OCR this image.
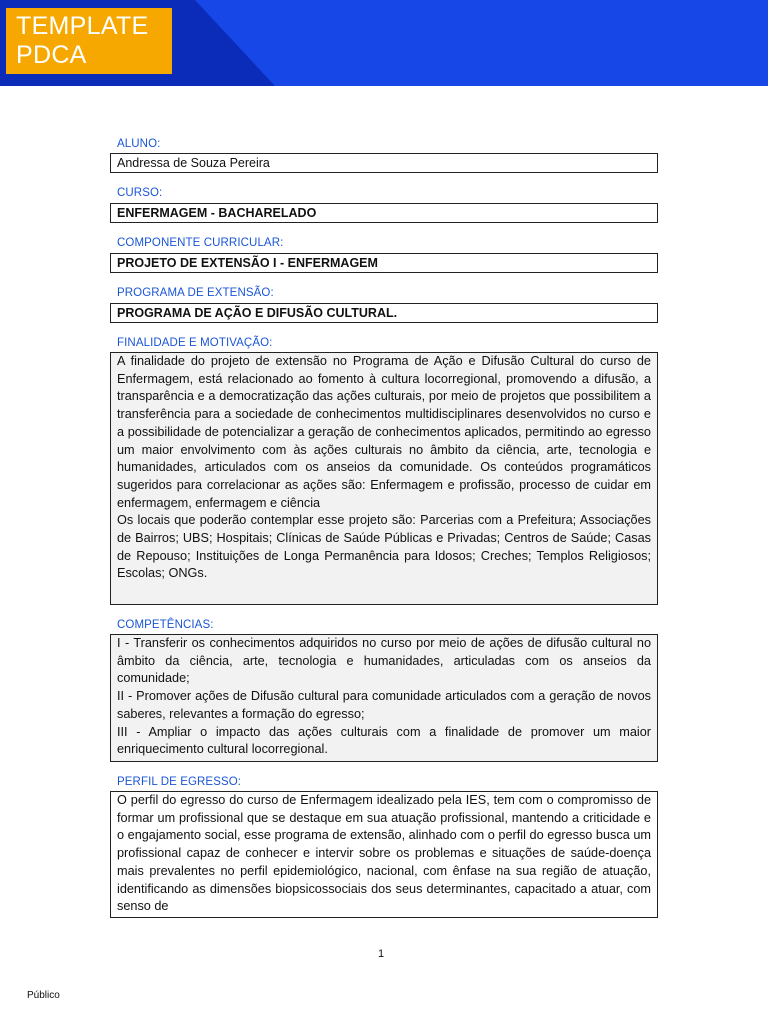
TEMPLATE
PDCA
ALUNO:
Andressa de Souza Pereira
CURSO:
ENFERMAGEM - BACHARELADO
COMPONENTE CURRICULAR:
PROJETO DE EXTENSÃO I - ENFERMAGEM
PROGRAMA DE EXTENSÃO:
PROGRAMA DE AÇÃO E DIFUSÃO CULTURAL.
FINALIDADE E MOTIVAÇÃO:

A finalidade do projeto de extensão no Programa de Ação e Difusão Cultural do curso de Enfermagem, está relacionado ao fomento à cultura locorregional, promovendo a difusão, a transparência e a democratização das ações culturais, por meio de projetos que possibilitem a transferência para a sociedade de conhecimentos multidisciplinares desenvolvidos no curso e a possibilidade de potencializar a geração de conhecimentos aplicados, permitindo ao egresso um maior envolvimento com às ações culturais no âmbito da ciência, arte, tecnologia e humanidades, articulados com os anseios da comunidade. Os conteúdos programáticos sugeridos para correlacionar as ações são: Enfermagem e profissão, processo de cuidar em enfermagem, enfermagem e ciência

Os locais que poderão contemplar esse projeto são: Parcerias com a Prefeitura; Associações de Bairros; UBS; Hospitais; Clínicas de Saúde Públicas e Privadas; Centros de Saúde; Casas de Repouso; Instituições de Longa Permanência para Idosos; Creches; Templos Religiosos; Escolas; ONGs.

COMPETÊNCIAS:

I - Transferir os conhecimentos adquiridos no curso por meio de ações de difusão cultural no âmbito da ciência, arte, tecnologia e humanidades, articuladas com os anseios da comunidade;

II - Promover ações de Difusão cultural para comunidade articulados com a geração de novos saberes, relevantes a formação do egresso;

III - Ampliar o impacto das ações culturais com a finalidade de promover um maior enriquecimento cultural locorregional.

PERFIL DE EGRESSO:

O perfil do egresso do curso de Enfermagem idealizado pela IES, tem com o compromisso de formar um profissional que se destaque em sua atuação profissional, mantendo a criticidade e o engajamento social, esse programa de extensão, alinhado com o perfil do egresso busca um profissional capaz de conhecer e intervir sobre os problemas e situações de saúde-doença mais prevalentes no perfil epidemiológico, nacional, com ênfase na sua região de atuação, identificando as dimensões biopsicossociais dos seus determinantes, capacitado a atuar, com senso de

1
Público
